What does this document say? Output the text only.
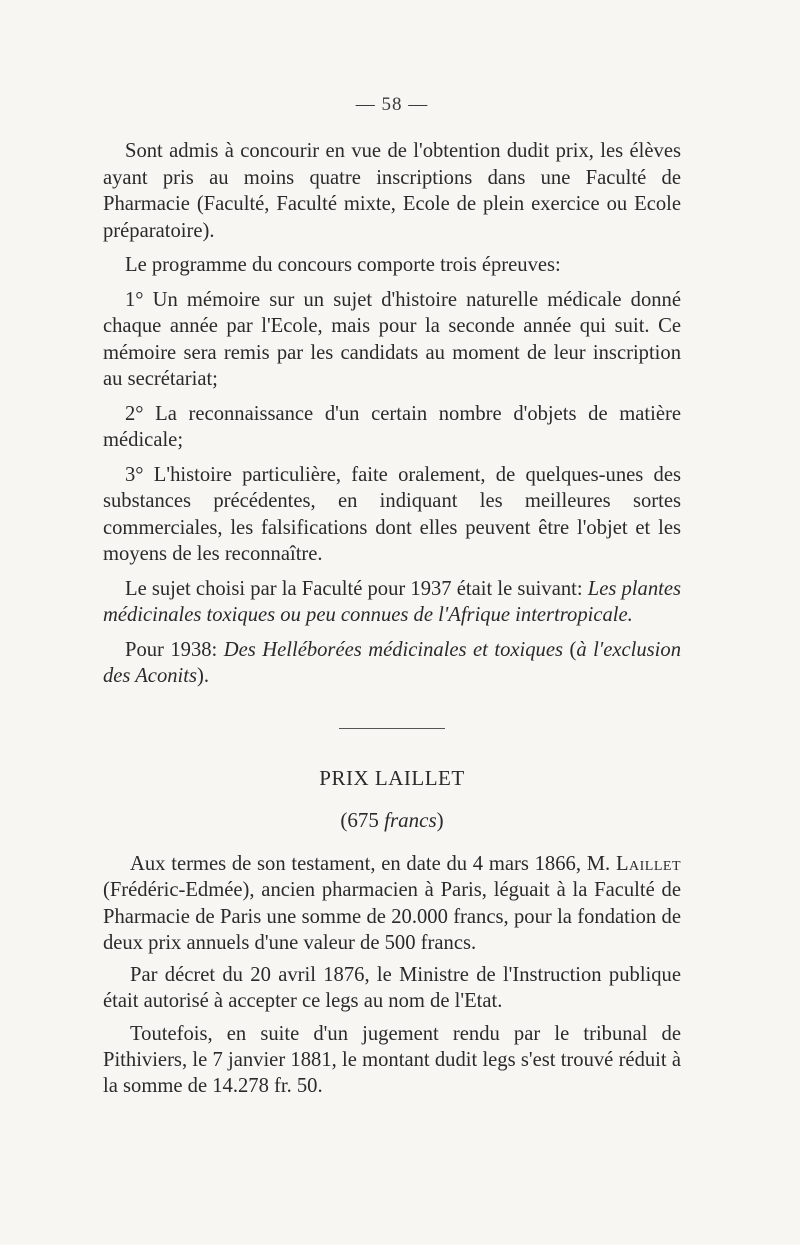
— 58 —

Sont admis à concourir en vue de l'obtention dudit prix, les élèves ayant pris au moins quatre inscriptions dans une Faculté de Pharmacie (Faculté, Faculté mixte, Ecole de plein exercice ou Ecole préparatoire).

Le programme du concours comporte trois épreuves:

1° Un mémoire sur un sujet d'histoire naturelle médicale donné chaque année par l'Ecole, mais pour la seconde année qui suit. Ce mémoire sera remis par les candidats au moment de leur inscription au secrétariat;

2° La reconnaissance d'un certain nombre d'objets de matière médicale;

3° L'histoire particulière, faite oralement, de quelques-unes des substances précédentes, en indiquant les meilleures sortes commerciales, les falsifications dont elles peuvent être l'objet et les moyens de les reconnaître.

Le sujet choisi par la Faculté pour 1937 était le suivant: Les plantes médicinales toxiques ou peu connues de l'Afrique intertropicale.

Pour 1938: Des Helléborées médicinales et toxiques (à l'exclusion des Aconits).

PRIX LAILLET
(675 francs)

Aux termes de son testament, en date du 4 mars 1866, M. Laillet (Frédéric-Edmée), ancien pharmacien à Paris, léguait à la Faculté de Pharmacie de Paris une somme de 20.000 francs, pour la fondation de deux prix annuels d'une valeur de 500 francs.

Par décret du 20 avril 1876, le Ministre de l'Instruction publique était autorisé à accepter ce legs au nom de l'Etat.

Toutefois, en suite d'un jugement rendu par le tribunal de Pithiviers, le 7 janvier 1881, le montant dudit legs s'est trouvé réduit à la somme de 14.278 fr. 50.
